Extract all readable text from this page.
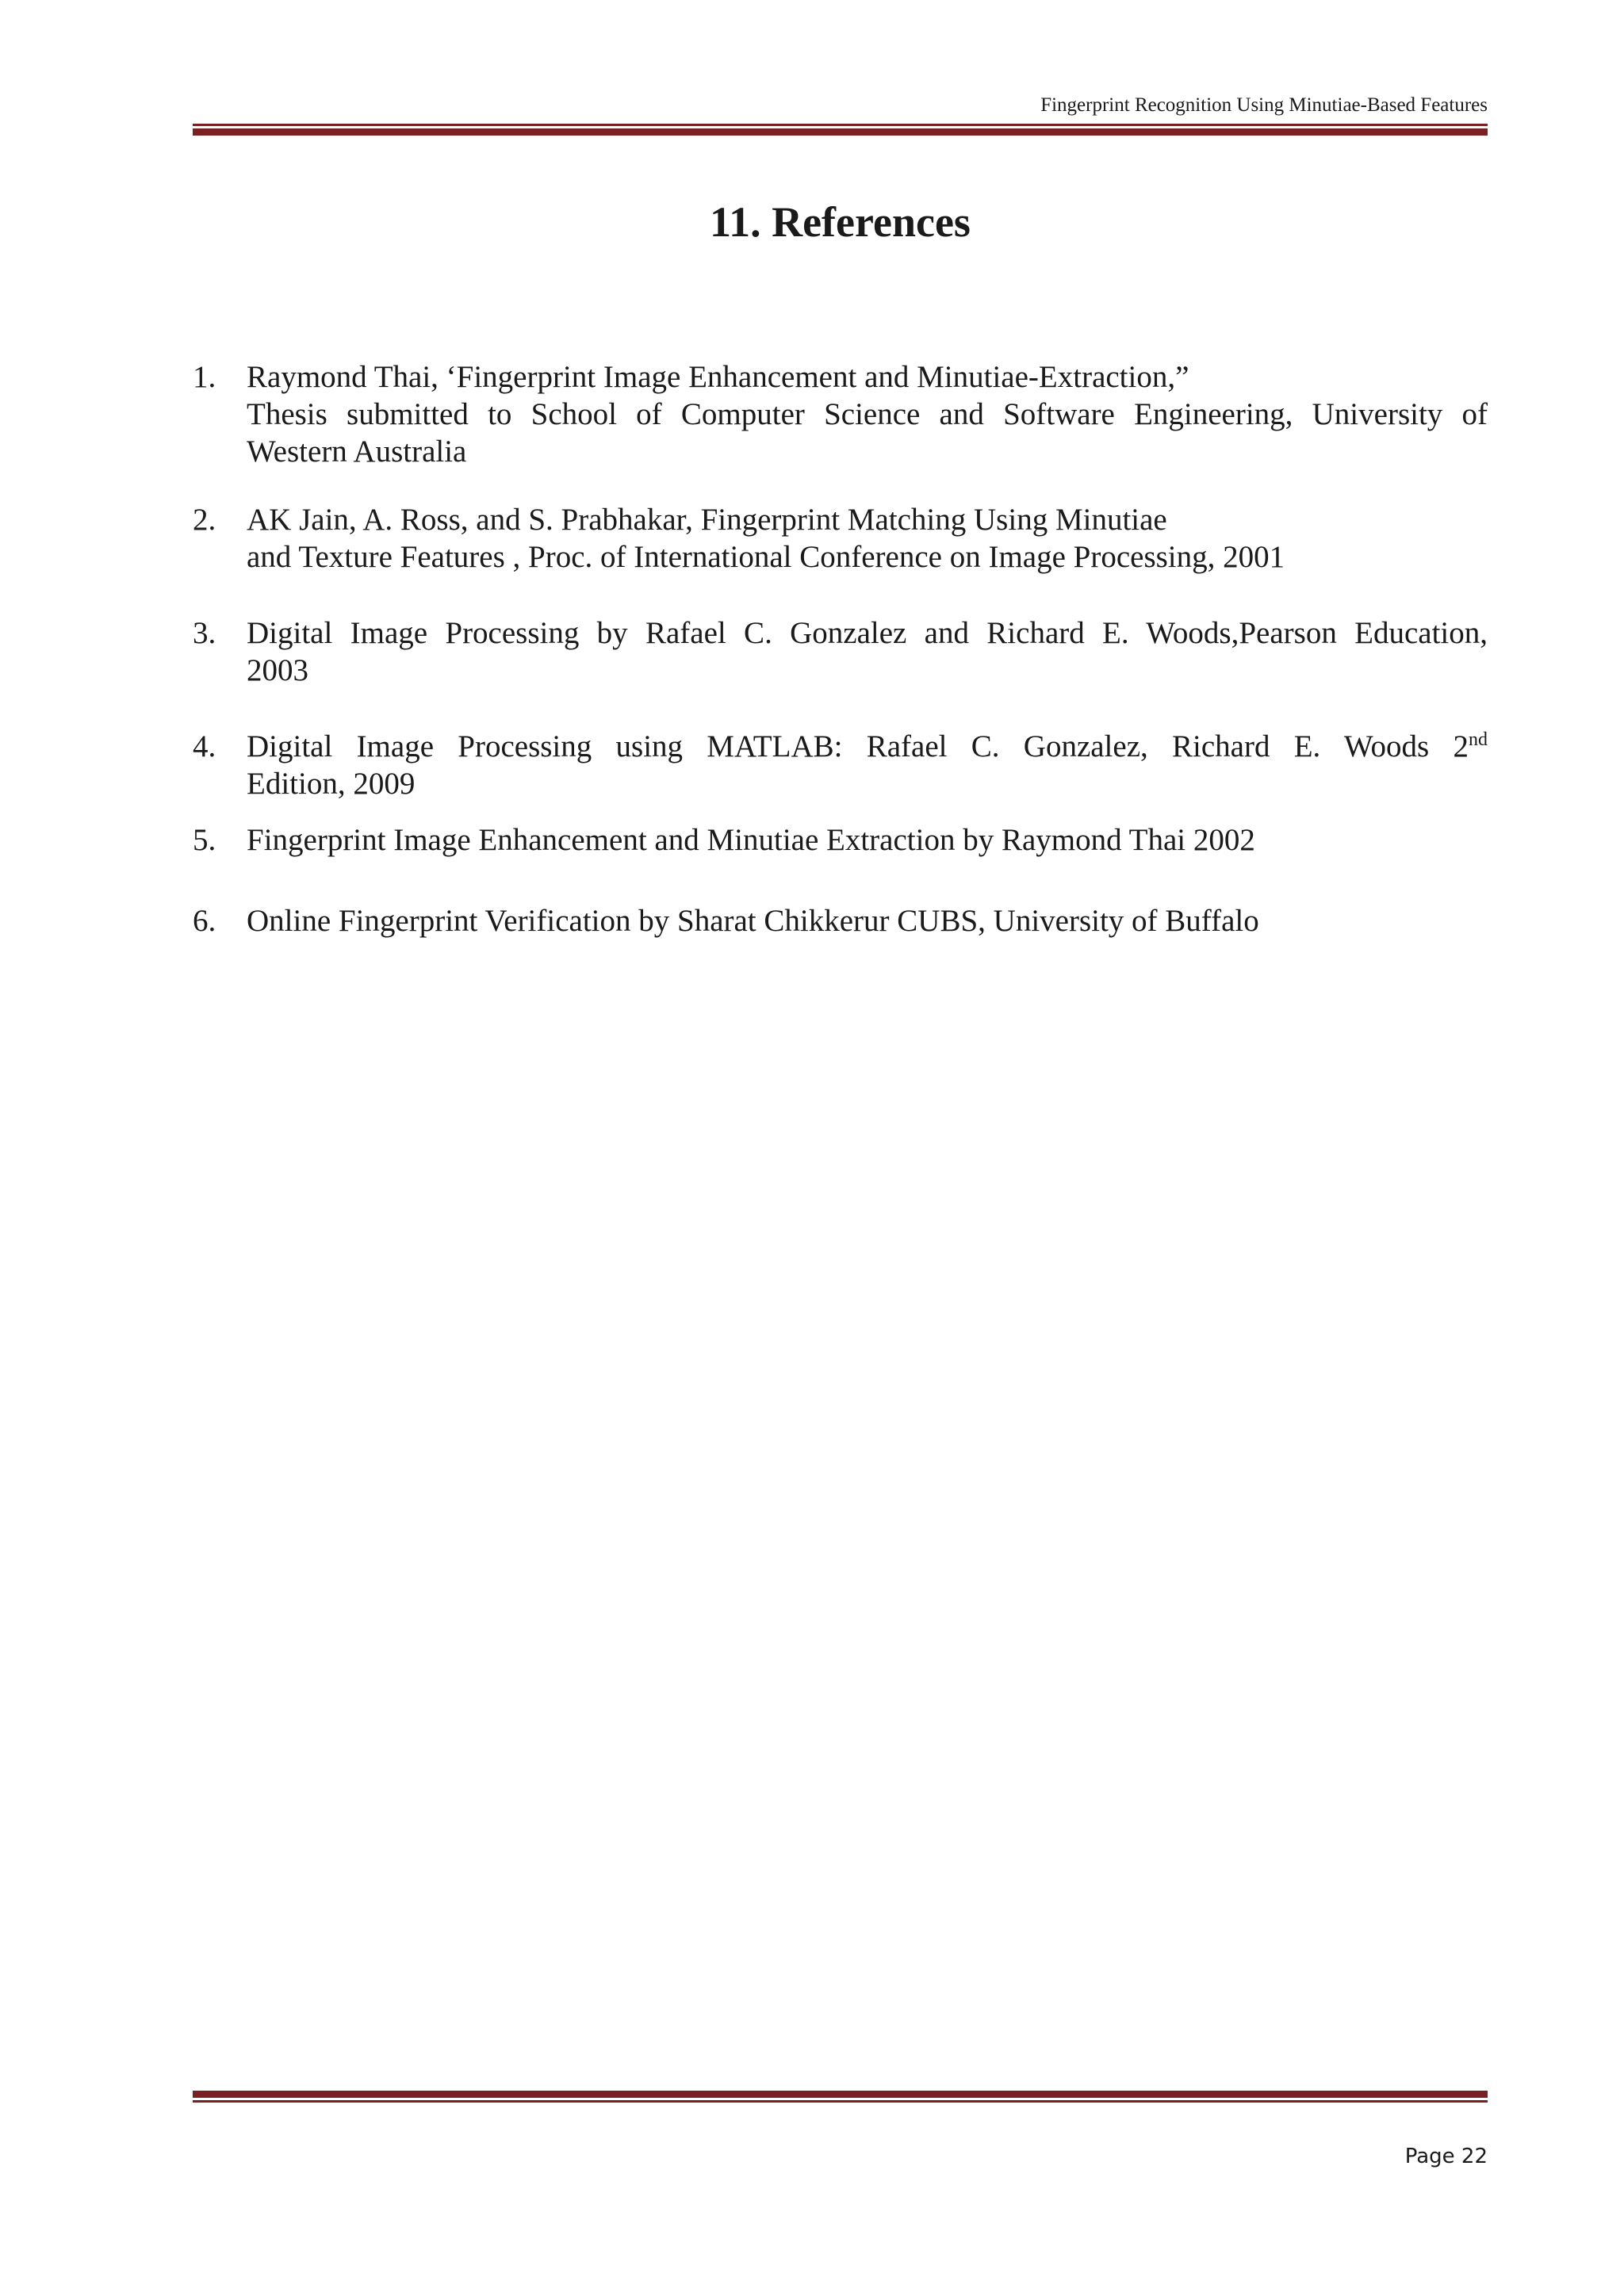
Fingerprint Recognition Using Minutiae-Based Features
11. References
1. Raymond Thai, ‘Fingerprint Image Enhancement and Minutiae-Extraction,”
Thesis submitted to School of Computer Science and Software Engineering, University of
Western Australia
2. AK Jain, A. Ross, and S. Prabhakar, Fingerprint Matching Using Minutiae
and Texture Features , Proc. of International Conference on Image Processing, 2001
3. Digital Image Processing by Rafael C. Gonzalez and Richard E. Woods,Pearson Education,
2003
4. Digital Image Processing using MATLAB: Rafael C. Gonzalez, Richard E. Woods 2nd
Edition, 2009
5. Fingerprint Image Enhancement and Minutiae Extraction by Raymond Thai 2002
6. Online Fingerprint Verification by Sharat Chikkerur CUBS, University of Buffalo
Page 22
